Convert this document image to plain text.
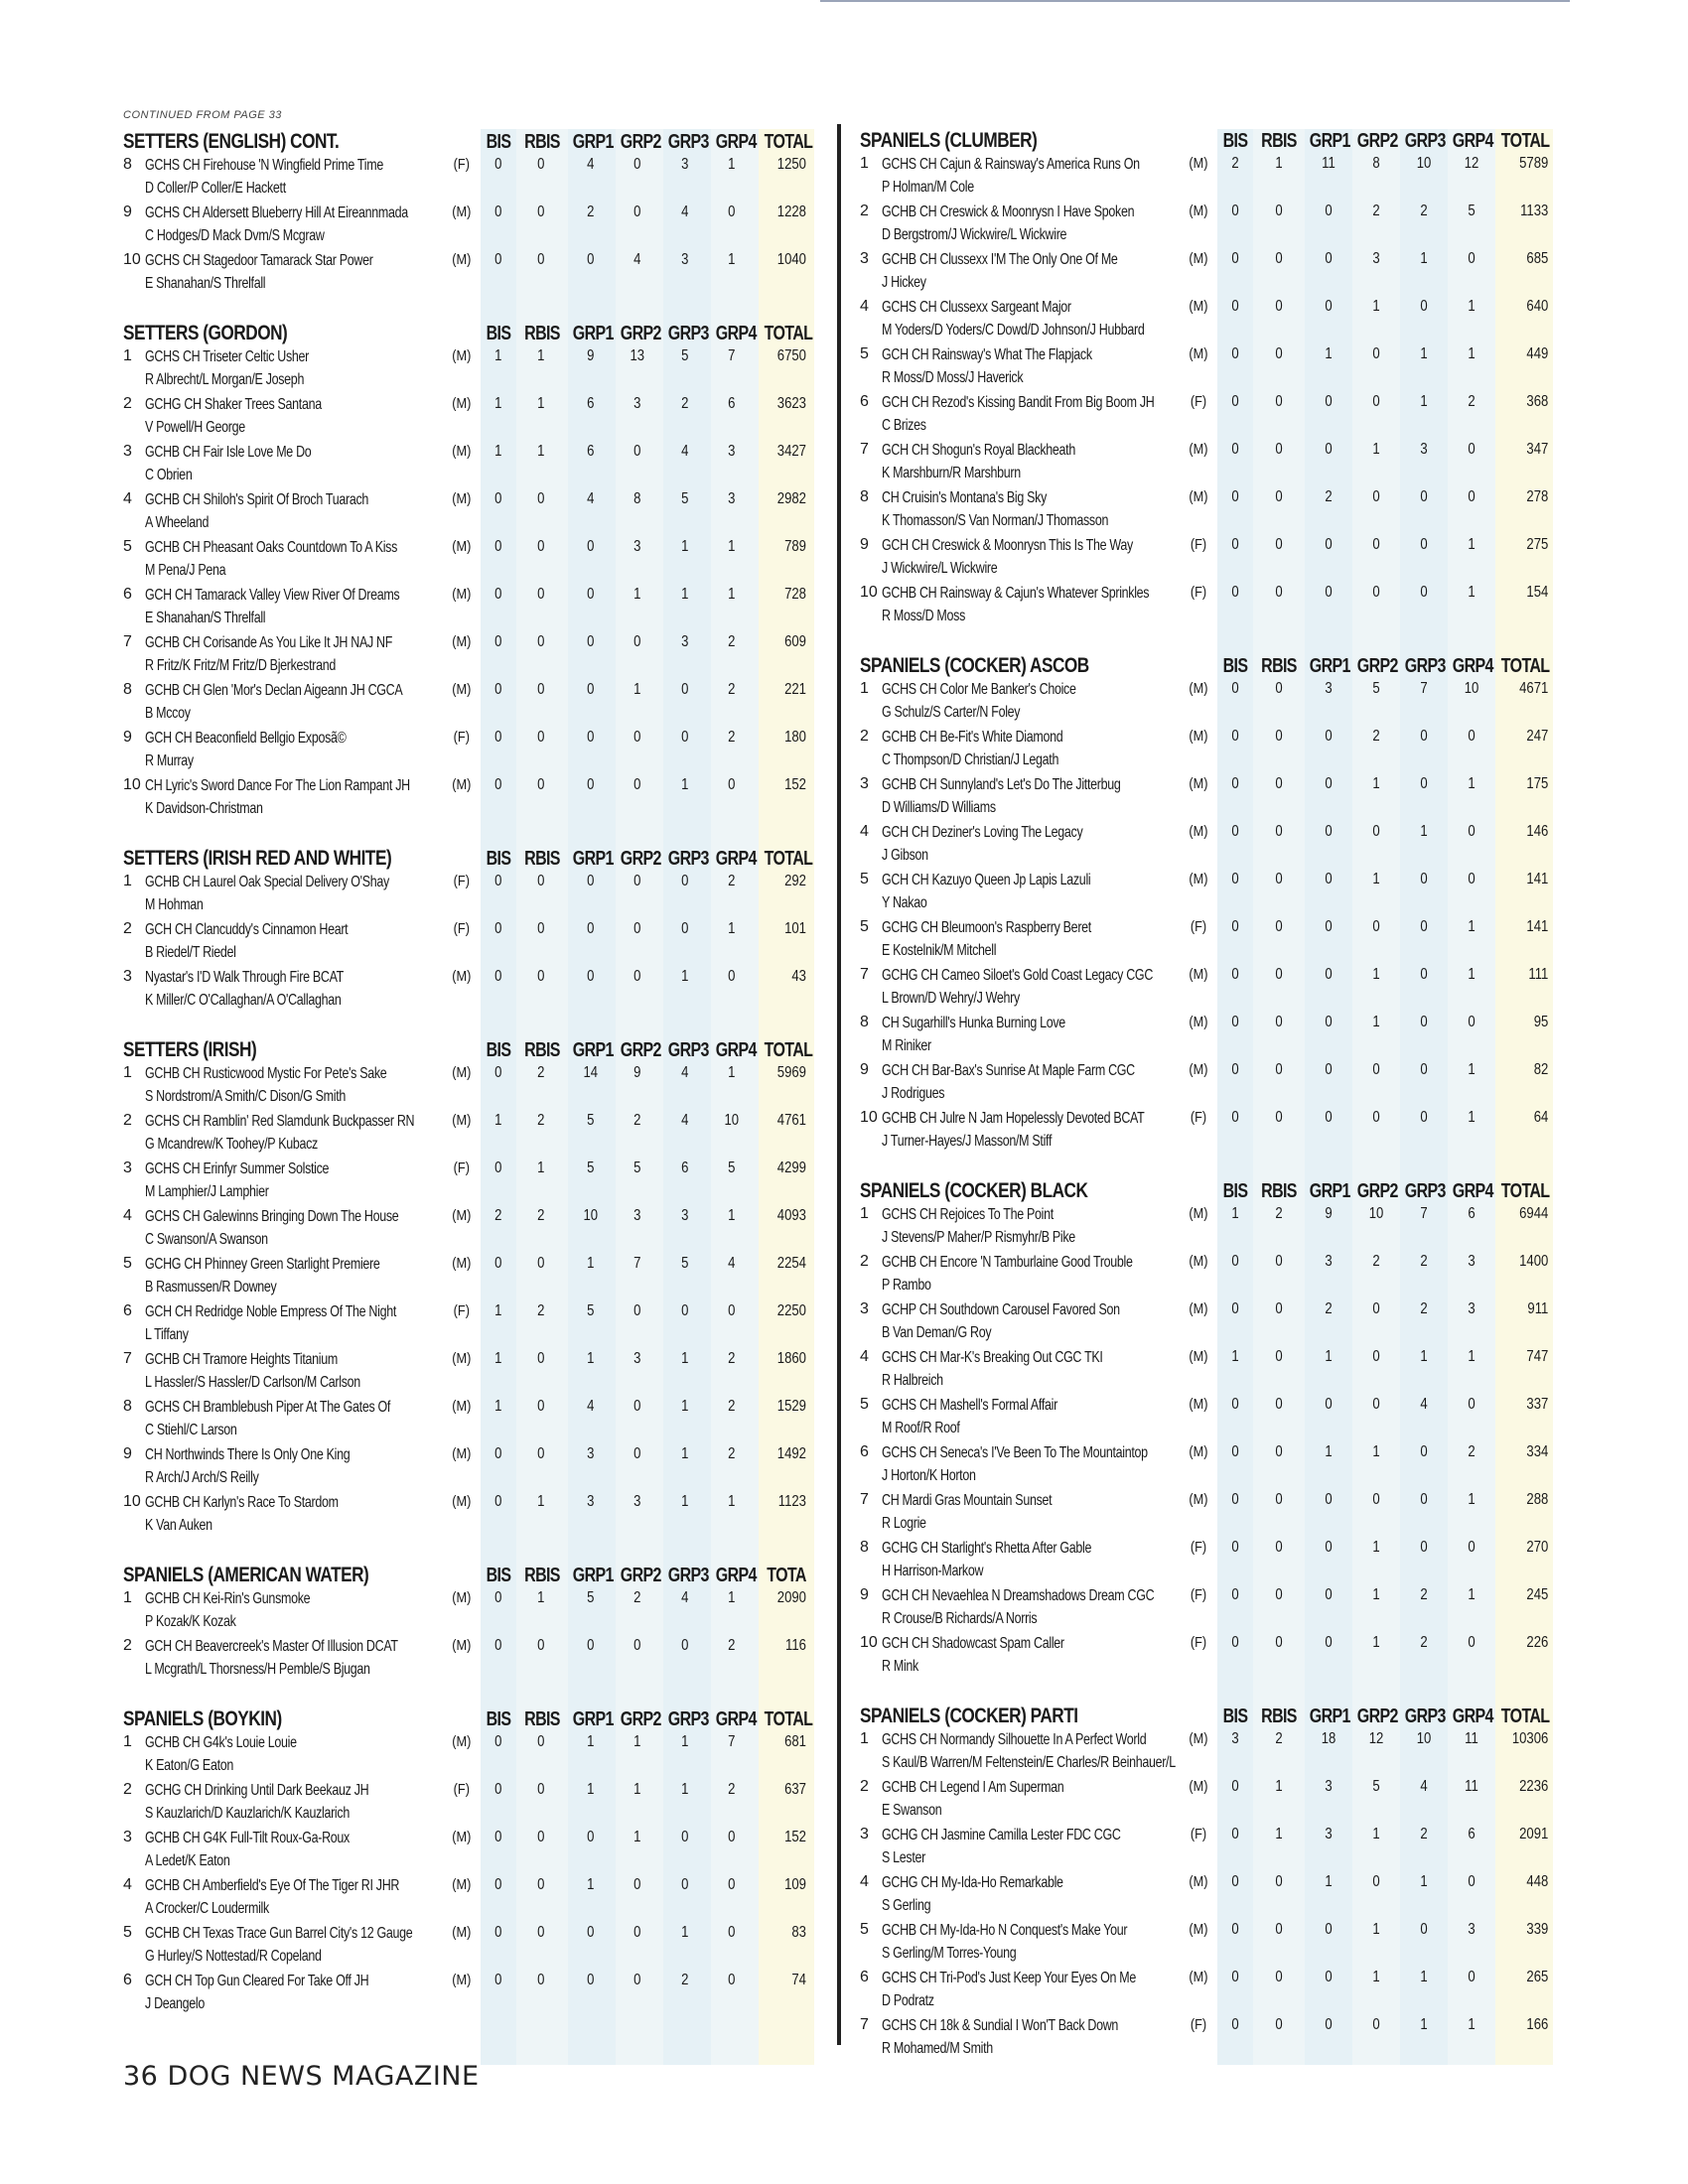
CONTINUED FROM PAGE 33
SETTERS (ENGLISH) CONT.	BIS RBIS GRP1 GRP2 GRP3 GRP4 TOTAL
8 GCHS CH Firehouse 'N Wingfield Prime Time
D Coller/P Coller/E Hackett
(F)	0	0	4	0	3	1	1250
9 GCHS CH Aldersett Blueberry Hill At Eireannmada
C Hodges/D Mack Dvm/S Mcgraw
(M)	0	0	2	0	4	0	1228
10 GCHS CH Stagedoor Tamarack Star Power
E Shanahan/S Threlfall
(M)	0	0	0	4	3	1	1040
SETTERS (GORDON)	BIS RBIS GRP1 GRP2 GRP3 GRP4 TOTAL
1 GCHS CH Triseter Celtic Usher
R Albrecht/L Morgan/E Joseph
(M)	1	1	9	13	5	7	6750
2 GCHG CH Shaker Trees Santana
V Powell/H George
(M)	1	1	6	3	2	6	3623
3 GCHB CH Fair Isle Love Me Do
C Obrien
(M)	1	1	6	0	4	3	3427
4 GCHB CH Shiloh's Spirit Of Broch Tuarach
A Wheeland
(M)	0	0	4	8	5	3	2982
5 GCHB CH Pheasant Oaks Countdown To A Kiss
M Pena/J Pena
(M)	0	0	0	3	1	1	789
6 GCH CH Tamarack Valley View River Of Dreams
E Shanahan/S Threlfall
(M)	0	0	0	1	1	1	728
7 GCHB CH Corisande As You Like It JH NAJ NF
R Fritz/K Fritz/M Fritz/D Bjerkestrand
(M)	0	0	0	0	3	2	609
8 GCHB CH Glen 'Mor's Declan Aigeann JH CGCA
B Mccoy
(M)	0	0	0	1	0	2	221
9 GCH CH Beaconfield Bellgio Exposã©
R Murray
(F)	0	0	0	0	0	2	180
10 CH Lyric's Sword Dance For The Lion Rampant JH
K Davidson-Christman
(M)	0	0	0	0	1	0	152
SETTERS (IRISH RED AND WHITE)	BIS RBIS GRP1 GRP2 GRP3 GRP4 TOTAL
1 GCHB CH Laurel Oak Special Delivery O'Shay
M Hohman
(F)	0	0	0	0	0	2	292
2 GCH CH Clancuddy's Cinnamon Heart
B Riedel/T Riedel
(F)	0	0	0	0	0	1	101
3 Nyastar's I'D Walk Through Fire BCAT
K Miller/C O'Callaghan/A O'Callaghan
(M)	0	0	0	0	1	0	43
SETTERS (IRISH)	BIS RBIS GRP1 GRP2 GRP3 GRP4 TOTAL
1 GCHB CH Rusticwood Mystic For Pete's Sake
S Nordstrom/A Smith/C Dison/G Smith
(M)	0	2	14	9	4	1	5969
2 GCHS CH Ramblin' Red Slamdunk Buckpasser RN
G Mcandrew/K Toohey/P Kubacz
(M)	1	2	5	2	4	10	4761
3 GCHS CH Erinfyr Summer Solstice
M Lamphier/J Lamphier
(F)	0	1	5	5	6	5	4299
4 GCHS CH Galewinns Bringing Down The House
C Swanson/A Swanson
(M)	2	2	10	3	3	1	4093
5 GCHG CH Phinney Green Starlight Premiere
B Rasmussen/R Downey
(M)	0	0	1	7	5	4	2254
6 GCH CH Redridge Noble Empress Of The Night
L Tiffany
(F)	1	2	5	0	0	0	2250
7 GCHB CH Tramore Heights Titanium
L Hassler/S Hassler/D Carlson/M Carlson
(M)	1	0	1	3	1	2	1860
8 GCHS CH Bramblebush Piper At The Gates Of
C Stiehl/C Larson
(M)	1	0	4	0	1	2	1529
9 CH Northwinds There Is Only One King
R Arch/J Arch/S Reilly
(M)	0	0	3	0	1	2	1492
10 GCHB CH Karlyn's Race To Stardom
K Van Auken
(M)	0	1	3	3	1	1	1123
SPANIELS (AMERICAN WATER)	BIS RBIS GRP1 GRP2 GRP3 GRP4 TOTA
1 GCHB CH Kei-Rin's Gunsmoke
P Kozak/K Kozak
(M)	0	1	5	2	4	1	2090
2 GCH CH Beavercreek's Master Of Illusion DCAT
L Mcgrath/L Thorsness/H Pemble/S Bjugan
(M)	0	0	0	0	0	2	116
SPANIELS (BOYKIN)	BIS RBIS GRP1 GRP2 GRP3 GRP4 TOTAL
1 GCHB CH G4k's Louie Louie
K Eaton/G Eaton
(M)	0	0	1	1	1	7	681
2 GCHG CH Drinking Until Dark Beekauz JH
S Kauzlarich/D Kauzlarich/K Kauzlarich
(F)	0	0	1	1	1	2	637
3 GCHB CH G4K Full-Tilt Roux-Ga-Roux
A Ledet/K Eaton
(M)	0	0	0	1	0	0	152
4 GCHB CH Amberfield's Eye Of The Tiger RI JHR
A Crocker/C Loudermilk
(M)	0	0	1	0	0	0	109
5 GCHB CH Texas Trace Gun Barrel City's 12 Gauge
G Hurley/S Nottestad/R Copeland
(M)	0	0	0	0	1	0	83
6 GCH CH Top Gun Cleared For Take Off JH
J Deangelo
(M)	0	0	0	0	2	0	74
SPANIELS (CLUMBER)	BIS RBIS GRP1 GRP2 GRP3 GRP4 TOTAL
1 GCHS CH Cajun & Rainsway's America Runs On
P Holman/M Cole
(M)	2	1	11	8	10	12	5789
2 GCHB CH Creswick & Moonrysn I Have Spoken
D Bergstrom/J Wickwire/L Wickwire
(M)	0	0	0	2	2	5	1133
3 GCHB CH Clussexx I'M The Only One Of Me
J Hickey
(M)	0	0	0	3	1	0	685
4 GCHS CH Clussexx Sargeant Major
M Yoders/D Yoders/C Dowd/D Johnson/J Hubbard
(M)	0	0	0	1	0	1	640
5 GCH CH Rainsway's What The Flapjack
R Moss/D Moss/J Haverick
(M)	0	0	1	0	1	1	449
6 GCH CH Rezod's Kissing Bandit From Big Boom JH
C Brizes
(F)	0	0	0	0	1	2	368
7 GCH CH Shogun's Royal Blackheath
K Marshburn/R Marshburn
(M)	0	0	0	1	3	0	347
8 CH Cruisin's Montana's Big Sky
K Thomasson/S Van Norman/J Thomasson
(M)	0	0	2	0	0	0	278
9 GCH CH Creswick & Moonrysn This Is The Way
J Wickwire/L Wickwire
(F)	0	0	0	0	0	1	275
10 GCHB CH Rainsway & Cajun's Whatever Sprinkles
R Moss/D Moss
(F)	0	0	0	0	0	1	154
SPANIELS (COCKER) ASCOB	BIS RBIS GRP1 GRP2 GRP3 GRP4 TOTAL
1 GCHS CH Color Me Banker's Choice
G Schulz/S Carter/N Foley
(M)	0	0	3	5	7	10	4671
2 GCHB CH Be-Fit's White Diamond
C Thompson/D Christian/J Legath
(M)	0	0	0	2	0	0	247
3 GCHB CH Sunnyland's Let's Do The Jitterbug
D Williams/D Williams
(M)	0	0	0	1	0	1	175
4 GCH CH Deziner's Loving The Legacy
J Gibson
(M)	0	0	0	0	1	0	146
5 GCH CH Kazuyo Queen Jp Lapis Lazuli
Y Nakao
(M)	0	0	0	1	0	0	141
5 GCHG CH Bleumoon's Raspberry Beret
E Kostelnik/M Mitchell
(F)	0	0	0	0	0	1	141
7 GCHG CH Cameo Siloet's Gold Coast Legacy CGC
L Brown/D Wehry/J Wehry
(M)	0	0	0	1	0	1	111
8 CH Sugarhill's Hunka Burning Love
M Riniker
(M)	0	0	0	1	0	0	95
9 GCH CH Bar-Bax's Sunrise At Maple Farm CGC
J Rodrigues
(M)	0	0	0	0	0	1	82
10 GCHB CH Julre N Jam Hopelessly Devoted BCAT
J Turner-Hayes/J Masson/M Stiff
(F)	0	0	0	0	0	1	64
SPANIELS (COCKER) BLACK	BIS RBIS GRP1 GRP2 GRP3 GRP4 TOTAL
1 GCHS CH Rejoices To The Point
J Stevens/P Maher/P Rismyhr/B Pike
(M)	1	2	9	10	7	6	6944
2 GCHB CH Encore 'N Tamburlaine Good Trouble
P Rambo
(M)	0	0	3	2	2	3	1400
3 GCHP CH Southdown Carousel Favored Son
B Van Deman/G Roy
(M)	0	0	2	0	2	3	911
4 GCHS CH Mar-K's Breaking Out CGC TKI
R Halbreich
(M)	1	0	1	0	1	1	747
5 GCHS CH Mashell's Formal Affair
M Roof/R Roof
(M)	0	0	0	0	4	0	337
6 GCHS CH Seneca's I'Ve Been To The Mountaintop
J Horton/K Horton
(M)	0	0	1	1	0	2	334
7 CH Mardi Gras Mountain Sunset
R Logrie
(M)	0	0	0	0	0	1	288
8 GCHG CH Starlight's Rhetta After Gable
H Harrison-Markow
(F)	0	0	0	1	0	0	270
9 GCH CH Nevaehlea N Dreamshadows Dream CGC
R Crouse/B Richards/A Norris
(F)	0	0	0	1	2	1	245
10 GCH CH Shadowcast Spam Caller
R Mink
(F)	0	0	0	1	2	0	226
SPANIELS (COCKER) PARTI	BIS RBIS GRP1 GRP2 GRP3 GRP4 TOTAL
1 GCHS CH Normandy Silhouette In A Perfect World
S Kaul/B Warren/M Feltenstein/E Charles/R Beinhauer/L
(M)	3	2	18	12	10	11	10306
2 GCHB CH Legend I Am Superman
E Swanson
(M)	0	1	3	5	4	11	2236
3 GCHG CH Jasmine Camilla Lester FDC CGC
S Lester
(F)	0	1	3	1	2	6	2091
4 GCHG CH My-Ida-Ho Remarkable
S Gerling
(M)	0	0	1	0	1	0	448
5 GCHB CH My-Ida-Ho N Conquest's Make Your
S Gerling/M Torres-Young
(M)	0	0	0	1	0	3	339
6 GCHS CH Tri-Pod's Just Keep Your Eyes On Me
D Podratz
(M)	0	0	0	1	1	0	265
7 GCHS CH 18k & Sundial I Won'T Back Down
R Mohamed/M Smith
(F)	0	0	0	0	1	1	166
36 DOG NEWS MAGAZINE
